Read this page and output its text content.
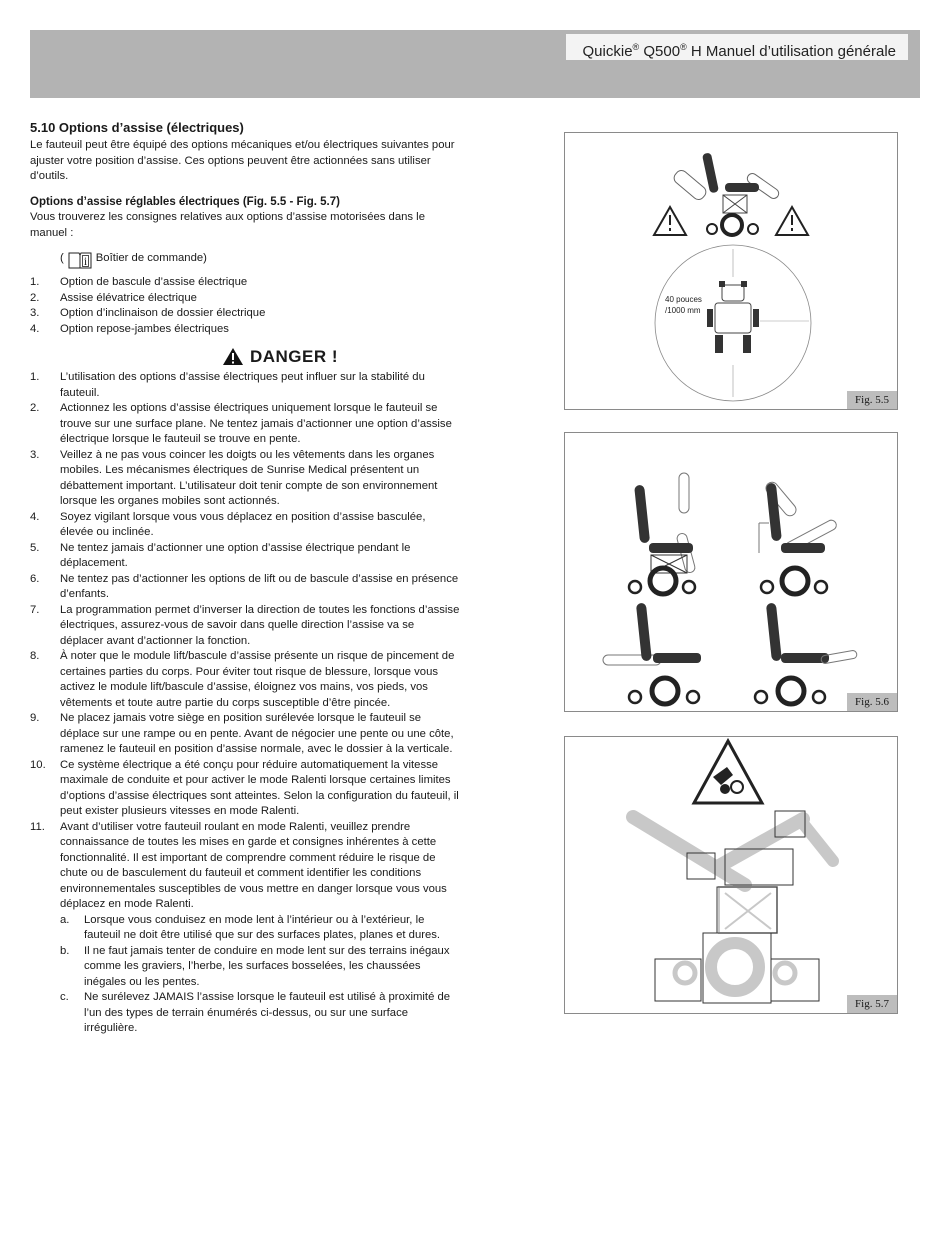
Quickie® Q500® H Manuel d’utilisation générale
5.10 Options d’assise (électriques)

Le fauteuil peut être équipé des options mécaniques et/ou électriques suivantes pour ajuster votre position d’assise. Ces options peuvent être actionnées sans utiliser d’outils.

Options d’assise réglables électriques (Fig. 5.5 - Fig. 5.7)

Vous trouverez les consignes relatives aux options d’assise motorisées dans le manuel :

( i Boîtier de commande)
1. Option de bascule d’assise électrique
2. Assise élévatrice électrique
3. Option d’inclinaison de dossier électrique
4. Option repose-jambes électriques
DANGER !
1. L’utilisation des options d’assise électriques peut influer sur la stabilité du fauteuil.
2. Actionnez les options d’assise électriques uniquement lorsque le fauteuil se trouve sur une surface plane. Ne tentez jamais d’actionner une option d’assise électrique lorsque le fauteuil se trouve en pente.
3. Veillez à ne pas vous coincer les doigts ou les vêtements dans les organes mobiles. Les mécanismes électriques de Sunrise Medical présentent un débattement important. L’utilisateur doit tenir compte de son environnement lorsque les organes mobiles sont actionnés.
4. Soyez vigilant lorsque vous vous déplacez en position d’assise basculée, élevée ou inclinée.
5. Ne tentez jamais d’actionner une option d’assise électrique pendant le déplacement.
6. Ne tentez pas d’actionner les options de lift ou de bascule d’assise en présence d’enfants.
7. La programmation permet d’inverser la direction de toutes les fonctions d’assise électriques, assurez-vous de savoir dans quelle direction l’assise va se déplacer avant d’actionner la fonction.
8. À noter que le module lift/bascule d’assise présente un risque de pincement de certaines parties du corps. Pour éviter tout risque de blessure, lorsque vous activez le module lift/bascule d’assise, éloignez vos mains, vos pieds, vos vêtements et toute autre partie du corps susceptible d’être pincée.
9. Ne placez jamais votre siège en position surélevée lorsque le fauteuil se déplace sur une rampe ou en pente. Avant de négocier une pente ou une côte, ramenez le fauteuil en position d’assise normale, avec le dossier à la verticale.
10. Ce système électrique a été conçu pour réduire automatiquement la vitesse maximale de conduite et pour activer le mode Ralenti lorsque certaines limites d’options d’assise électriques sont atteintes. Selon la configuration du fauteuil, il peut exister plusieurs vitesses en mode Ralenti.
11. Avant d’utiliser votre fauteuil roulant en mode Ralenti, veuillez prendre connaissance de toutes les mises en garde et consignes inhérentes à cette fonctionnalité. Il est important de comprendre comment réduire le risque de chute ou de basculement du fauteuil et comment identifier les conditions environnementales susceptibles de vous mettre en danger lorsque vous vous déplacez en mode Ralenti.
a. Lorsque vous conduisez en mode lent à l’intérieur ou à l’extérieur, le fauteuil ne doit être utilisé que sur des surfaces plates, planes et dures.
b. Il ne faut jamais tenter de conduire en mode lent sur des terrains inégaux comme les graviers, l’herbe, les surfaces bosselées, les chaussées inégales ou les pentes.
c. Ne surélevez JAMAIS l’assise lorsque le fauteuil est utilisé à proximité de l’un des types de terrain énumérés ci-dessus, ou sur une surface irrégulière.
40 pouces
/1000 mm
Fig. 5.5
Fig. 5.6
Fig. 5.7
